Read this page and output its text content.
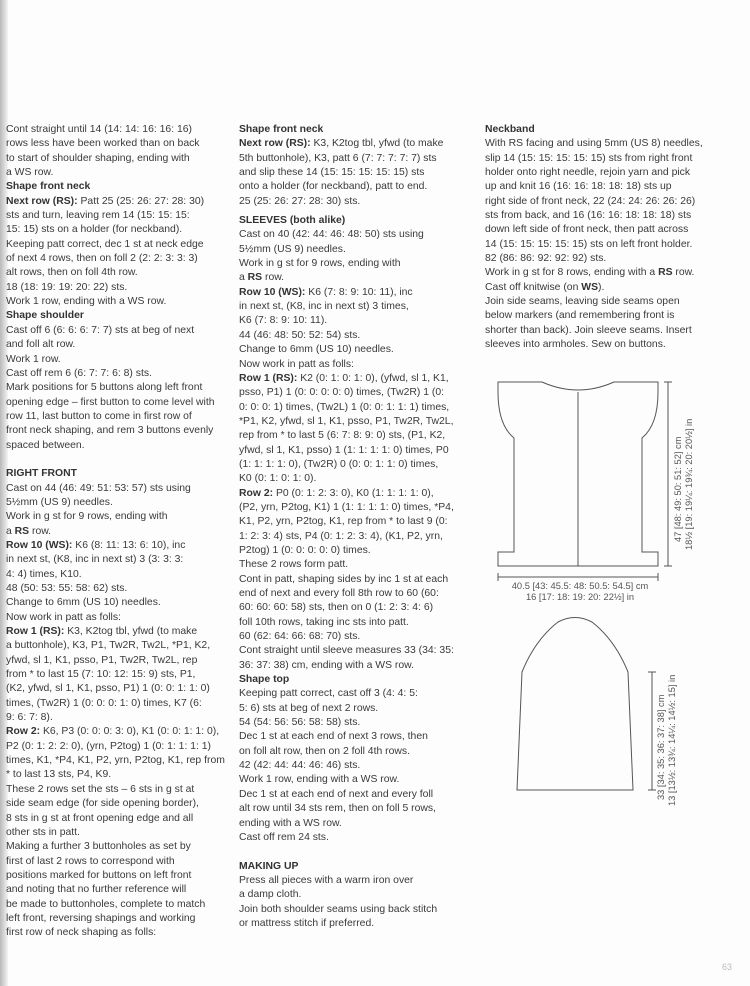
Cont straight until 14 (14: 14: 16: 16: 16)

rows less have been worked than on back

to start of shoulder shaping, ending with

a WS row.

Shape front neck

Next row (RS): Patt 25 (25: 26: 27: 28: 30)

sts and turn, leaving rem 14 (15: 15: 15:

15: 15) sts on a holder (for neckband).

Keeping patt correct, dec 1 st at neck edge

of next 4 rows, then on foll 2 (2: 2: 3: 3: 3)

alt rows, then on foll 4th row.

18 (18: 19: 19: 20: 22) sts.

Work 1 row, ending with a WS row.

Shape shoulder

Cast off 6 (6: 6: 6: 7: 7) sts at beg of next

and foll alt row.

Work 1 row.

Cast off rem 6 (6: 7: 7: 6: 8) sts.

Mark positions for 5 buttons along left front

opening edge – first button to come level with

row 11, last button to come in first row of

front neck shaping, and rem 3 buttons evenly

spaced between.

RIGHT FRONT

Cast on 44 (46: 49: 51: 53: 57) sts using

5½mm (US 9) needles.

Work in g st for 9 rows, ending with

a RS row.

Row 10 (WS): K6 (8: 11: 13: 6: 10), inc

in next st, (K8, inc in next st) 3 (3: 3: 3:

4: 4) times, K10.

48 (50: 53: 55: 58: 62) sts.

Change to 6mm (US 10) needles.

Now work in patt as folls:

Row 1 (RS): K3, K2tog tbl, yfwd (to make

a buttonhole), K3, P1, Tw2R, Tw2L, *P1, K2,

yfwd, sl 1, K1, psso, P1, Tw2R, Tw2L, rep

from * to last 15 (7: 10: 12: 15: 9) sts, P1,

(K2, yfwd, sl 1, K1, psso, P1) 1 (0: 0: 1: 1: 0)

times, (Tw2R) 1 (0: 0: 0: 1: 0) times, K7 (6:

9: 6: 7: 8).

Row 2: K6, P3 (0: 0: 0: 3: 0), K1 (0: 0: 1: 1: 0),

P2 (0: 1: 2: 2: 0), (yrn, P2tog) 1 (0: 1: 1: 1: 1)

times, K1, *P4, K1, P2, yrn, P2tog, K1, rep from

* to last 13 sts, P4, K9.

These 2 rows set the sts – 6 sts in g st at

side seam edge (for side opening border),

8 sts in g st at front opening edge and all

other sts in patt.

Making a further 3 buttonholes as set by

first of last 2 rows to correspond with

positions marked for buttons on left front

and noting that no further reference will

be made to buttonholes, complete to match

left front, reversing shapings and working

first row of neck shaping as folls:

Shape front neck

Next row (RS): K3, K2tog tbl, yfwd (to make

5th buttonhole), K3, patt 6 (7: 7: 7: 7: 7) sts

and slip these 14 (15: 15: 15: 15: 15) sts

onto a holder (for neckband), patt to end.

25 (25: 26: 27: 28: 30) sts.

SLEEVES (both alike)

Cast on 40 (42: 44: 46: 48: 50) sts using

5½mm (US 9) needles.

Work in g st for 9 rows, ending with

a RS row.

Row 10 (WS): K6 (7: 8: 9: 10: 11), inc

in next st, (K8, inc in next st) 3 times,

K6 (7: 8: 9: 10: 11).

44 (46: 48: 50: 52: 54) sts.

Change to 6mm (US 10) needles.

Now work in patt as folls:

Row 1 (RS): K2 (0: 1: 0: 1: 0), (yfwd, sl 1, K1,

psso, P1) 1 (0: 0: 0: 0: 0) times, (Tw2R) 1 (0:

0: 0: 0: 1) times, (Tw2L) 1 (0: 0: 1: 1: 1) times,

*P1, K2, yfwd, sl 1, K1, psso, P1, Tw2R, Tw2L,

rep from * to last 5 (6: 7: 8: 9: 0) sts, (P1, K2,

yfwd, sl 1, K1, psso) 1 (1: 1: 1: 1: 0) times, P0

(1: 1: 1: 1: 0), (Tw2R) 0 (0: 0: 1: 1: 0) times,

K0 (0: 1: 0: 1: 0).

Row 2: P0 (0: 1: 2: 3: 0), K0 (1: 1: 1: 1: 0),

(P2, yrn, P2tog, K1) 1 (1: 1: 1: 1: 0) times, *P4,

K1, P2, yrn, P2tog, K1, rep from * to last 9 (0:

1: 2: 3: 4) sts, P4 (0: 1: 2: 3: 4), (K1, P2, yrn,

P2tog) 1 (0: 0: 0: 0: 0) times.

These 2 rows form patt.

Cont in patt, shaping sides by inc 1 st at each

end of next and every foll 8th row to 60 (60:

60: 60: 60: 58) sts, then on 0 (1: 2: 3: 4: 6)

foll 10th rows, taking inc sts into patt.

60 (62: 64: 66: 68: 70) sts.

Cont straight until sleeve measures 33 (34: 35:

36: 37: 38) cm, ending with a WS row.

Shape top

Keeping patt correct, cast off 3 (4: 4: 5:

5: 6) sts at beg of next 2 rows.

54 (54: 56: 56: 58: 58) sts.

Dec 1 st at each end of next 3 rows, then

on foll alt row, then on 2 foll 4th rows.

42 (42: 44: 44: 46: 46) sts.

Work 1 row, ending with a WS row.

Dec 1 st at each end of next and every foll

alt row until 34 sts rem, then on foll 5 rows,

ending with a WS row.

Cast off rem 24 sts.

MAKING UP

Press all pieces with a warm iron over

a damp cloth.

Join both shoulder seams using back stitch

or mattress stitch if preferred.

Neckband

With RS facing and using 5mm (US 8) needles,

slip 14 (15: 15: 15: 15: 15) sts from right front

holder onto right needle, rejoin yarn and pick

up and knit 16 (16: 16: 18: 18: 18) sts up

right side of front neck, 22 (24: 24: 26: 26: 26)

sts from back, and 16 (16: 16: 18: 18: 18) sts

down left side of front neck, then patt across

14 (15: 15: 15: 15: 15) sts on left front holder.

82 (86: 86: 92: 92: 92) sts.

Work in g st for 8 rows, ending with a RS row.

Cast off knitwise (on WS).

Join side seams, leaving side seams open

below markers (and remembering front is

shorter than back). Join sleeve seams. Insert

sleeves into armholes. Sew on buttons.

40.5 [43: 45.5: 48: 50.5: 54.5] cm
16 [17: 18: 19: 20: 22½] in
47 [48: 49: 50: 51: 52] cm 18½ [19: 19¼: 19¾: 20: 20½] in
33 [34: 35: 36: 37: 38] cm 13 [13½: 13¾: 14¼: 14½: 15] in
63
